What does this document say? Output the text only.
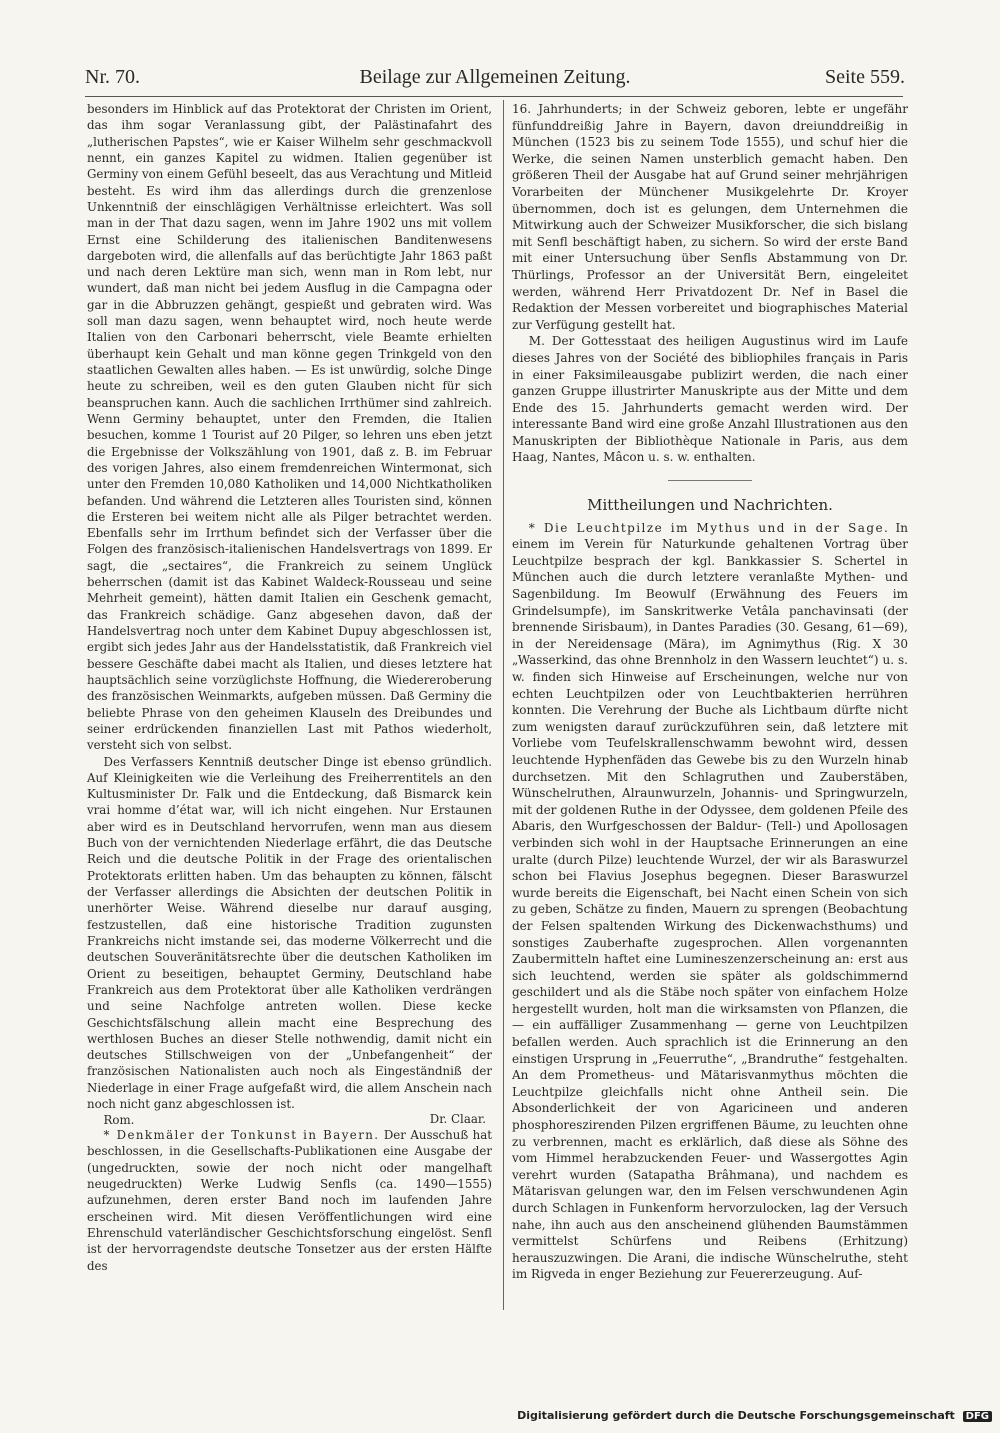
Nr. 70.	Beilage zur Allgemeinen Zeitung.	Seite 559.

besonders im Hinblick auf das Protektorat der Christen im Orient, das ihm sogar Veranlassung gibt, der Palästinafahrt des „lutherischen Papstes“, wie er Kaiser Wilhelm sehr geschmackvoll nennt, ein ganzes Kapitel zu widmen. Italien gegenüber ist Germiny von einem Gefühl beseelt, das aus Verachtung und Mitleid besteht. Es wird ihm das allerdings durch die grenzenlose Unkenntniß der einschlägigen Verhältnisse erleichtert. Was soll man in der That dazu sagen, wenn im Jahre 1902 uns mit vollem Ernst eine Schilderung des italienischen Banditenwesens dargeboten wird, die allenfalls auf das berüchtigte Jahr 1863 paßt und nach deren Lektüre man sich, wenn man in Rom lebt, nur wundert, daß man nicht bei jedem Ausflug in die Campagna oder gar in die Abbruzzen gehängt, gespießt und gebraten wird. Was soll man dazu sagen, wenn behauptet wird, noch heute werde Italien von den Carbonari beherrscht, viele Beamte erhielten überhaupt kein Gehalt und man könne gegen Trinkgeld von den staatlichen Gewalten alles haben. — Es ist unwürdig, solche Dinge heute zu schreiben, weil es den guten Glauben nicht für sich beanspruchen kann. Auch die sachlichen Irrthümer sind zahlreich. Wenn Germiny behauptet, unter den Fremden, die Italien besuchen, komme 1 Tourist auf 20 Pilger, so lehren uns eben jetzt die Ergebnisse der Volkszählung von 1901, daß z. B. im Februar des vorigen Jahres, also einem fremdenreichen Wintermonat, sich unter den Fremden 10,080 Katholiken und 14,000 Nichtkatholiken befanden. Und während die Letzteren alles Touristen sind, können die Ersteren bei weitem nicht alle als Pilger betrachtet werden. Ebenfalls sehr im Irrthum befindet sich der Verfasser über die Folgen des französisch-italienischen Handelsvertrags von 1899. Er sagt, die „sectaires“, die Frankreich zu seinem Unglück beherrschen (damit ist das Kabinet Waldeck-Rousseau und seine Mehrheit gemeint), hätten damit Italien ein Geschenk gemacht, das Frankreich schädige. Ganz abgesehen davon, daß der Handelsvertrag noch unter dem Kabinet Dupuy abgeschlossen ist, ergibt sich jedes Jahr aus der Handelsstatistik, daß Frankreich viel bessere Geschäfte dabei macht als Italien, und dieses letztere hat hauptsächlich seine vorzüglichste Hoffnung, die Wiedereroberung des französischen Weinmarkts, aufgeben müssen. Daß Germiny die beliebte Phrase von den geheimen Klauseln des Dreibundes und seiner erdrückenden finanziellen Last mit Pathos wiederholt, versteht sich von selbst.

Des Verfassers Kenntniß deutscher Dinge ist ebenso gründlich. Auf Kleinigkeiten wie die Verleihung des Freiherrentitels an den Kultusminister Dr. Falk und die Entdeckung, daß Bismarck kein vrai homme d’état war, will ich nicht eingehen. Nur Erstaunen aber wird es in Deutschland hervorrufen, wenn man aus diesem Buch von der vernichtenden Niederlage erfährt, die das Deutsche Reich und die deutsche Politik in der Frage des orientalischen Protektorats erlitten haben. Um das behaupten zu können, fälscht der Verfasser allerdings die Absichten der deutschen Politik in unerhörter Weise. Während dieselbe nur darauf ausging, festzustellen, daß eine historische Tradition zugunsten Frankreichs nicht imstande sei, das moderne Völkerrecht und die deutschen Souveränitätsrechte über die deutschen Katholiken im Orient zu beseitigen, behauptet Germiny, Deutschland habe Frankreich aus dem Protektorat über alle Katholiken verdrängen und seine Nachfolge antreten wollen. Diese kecke Geschichtsfälschung allein macht eine Besprechung des werthlosen Buches an dieser Stelle nothwendig, damit nicht ein deutsches Stillschweigen von der „Unbefangenheit“ der französischen Nationalisten auch noch als Eingeständniß der Niederlage in einer Frage aufgefaßt wird, die allem Anschein nach noch nicht ganz abgeschlossen ist.

Rom.	Dr. Claar.

* Denkmäler der Tonkunst in Bayern. Der Ausschuß hat beschlossen, in die Gesellschafts-Publikationen eine Ausgabe der (ungedruckten, sowie der noch nicht oder mangelhaft neugedruckten) Werke Ludwig Senfls (ca. 1490—1555) aufzunehmen, deren erster Band noch im laufenden Jahre erscheinen wird. Mit diesen Veröffentlichungen wird eine Ehrenschuld vaterländischer Geschichtsforschung eingelöst. Senfl ist der hervorragendste deutsche Tonsetzer aus der ersten Hälfte des

16. Jahrhunderts; in der Schweiz geboren, lebte er ungefähr fünfunddreißig Jahre in Bayern, davon dreiunddreißig in München (1523 bis zu seinem Tode 1555), und schuf hier die Werke, die seinen Namen unsterblich gemacht haben. Den größeren Theil der Ausgabe hat auf Grund seiner mehrjährigen Vorarbeiten der Münchener Musikgelehrte Dr. Kroyer übernommen, doch ist es gelungen, dem Unternehmen die Mitwirkung auch der Schweizer Musikforscher, die sich bislang mit Senfl beschäftigt haben, zu sichern. So wird der erste Band mit einer Untersuchung über Senfls Abstammung von Dr. Thürlings, Professor an der Universität Bern, eingeleitet werden, während Herr Privatdozent Dr. Nef in Basel die Redaktion der Messen vorbereitet und biographisches Material zur Verfügung gestellt hat.

M. Der Gottesstaat des heiligen Augustinus wird im Laufe dieses Jahres von der Société des bibliophiles français in Paris in einer Faksimileausgabe publizirt werden, die nach einer ganzen Gruppe illustrirter Manuskripte aus der Mitte und dem Ende des 15. Jahrhunderts gemacht werden wird. Der interessante Band wird eine große Anzahl Illustrationen aus den Manuskripten der Bibliothèque Nationale in Paris, aus dem Haag, Nantes, Mâcon u. s. w. enthalten.

Mittheilungen und Nachrichten.

* Die Leuchtpilze im Mythus und in der Sage. In einem im Verein für Naturkunde gehaltenen Vortrag über Leuchtpilze besprach der kgl. Bankkassier S. Schertel in München auch die durch letztere veranlaßte Mythen- und Sagenbildung. Im Beowulf (Erwähnung des Feuers im Grindelsumpfe), im Sanskritwerke Vetâla panchavinsati (der brennende Sirisbaum), in Dantes Paradies (30. Gesang, 61—69), in der Nereidensage (Mära), im Agnimythus (Rig. X 30 „Wasserkind, das ohne Brennholz in den Wassern leuchtet“) u. s. w. finden sich Hinweise auf Erscheinungen, welche nur von echten Leuchtpilzen oder von Leuchtbakterien herrühren konnten. Die Verehrung der Buche als Lichtbaum dürfte nicht zum wenigsten darauf zurückzuführen sein, daß letztere mit Vorliebe vom Teufelskrallenschwamm bewohnt wird, dessen leuchtende Hyphenfäden das Gewebe bis zu den Wurzeln hinab durchsetzen. Mit den Schlagruthen und Zauberstäben, Wünschelruthen, Alraunwurzeln, Johannis- und Springwurzeln, mit der goldenen Ruthe in der Odyssee, dem goldenen Pfeile des Abaris, den Wurfgeschossen der Baldur- (Tell-) und Apollosagen verbinden sich wohl in der Hauptsache Erinnerungen an eine uralte (durch Pilze) leuchtende Wurzel, der wir als Baraswurzel schon bei Flavius Josephus begegnen. Dieser Baraswurzel wurde bereits die Eigenschaft, bei Nacht einen Schein von sich zu geben, Schätze zu finden, Mauern zu sprengen (Beobachtung der Felsen spaltenden Wirkung des Dickenwachsthums) und sonstiges Zauberhafte zugesprochen. Allen vorgenannten Zaubermitteln haftet eine Lumineszenzerscheinung an: erst aus sich leuchtend, werden sie später als goldschimmernd geschildert und als die Stäbe noch später von einfachem Holze hergestellt wurden, holt man die wirksamsten von Pflanzen, die — ein auffälliger Zusammenhang — gerne von Leuchtpilzen befallen werden. Auch sprachlich ist die Erinnerung an den einstigen Ursprung in „Feuerruthe“, „Brandruthe“ festgehalten. An dem Prometheus- und Mätarisvanmythus möchten die Leuchtpilze gleichfalls nicht ohne Antheil sein. Die Absonderlichkeit der von Agaricineen und anderen phosphoreszirenden Pilzen ergriffenen Bäume, zu leuchten ohne zu verbrennen, macht es erklärlich, daß diese als Söhne des vom Himmel herabzuckenden Feuer- und Wassergottes Agin verehrt wurden (Satapatha Brâhmana), und nachdem es Mätarisvan gelungen war, den im Felsen verschwundenen Agin durch Schlagen in Funkenform hervorzulocken, lag der Versuch nahe, ihn auch aus den anscheinend glühenden Baumstämmen vermittelst Schürfens und Reibens (Erhitzung) herauszuzwingen. Die Arani, die indische Wünschelruthe, steht im Rigveda in enger Beziehung zur Feuererzeugung. Auf-

Digitalisierung gefördert durch die Deutsche Forschungsgemeinschaft DFG
